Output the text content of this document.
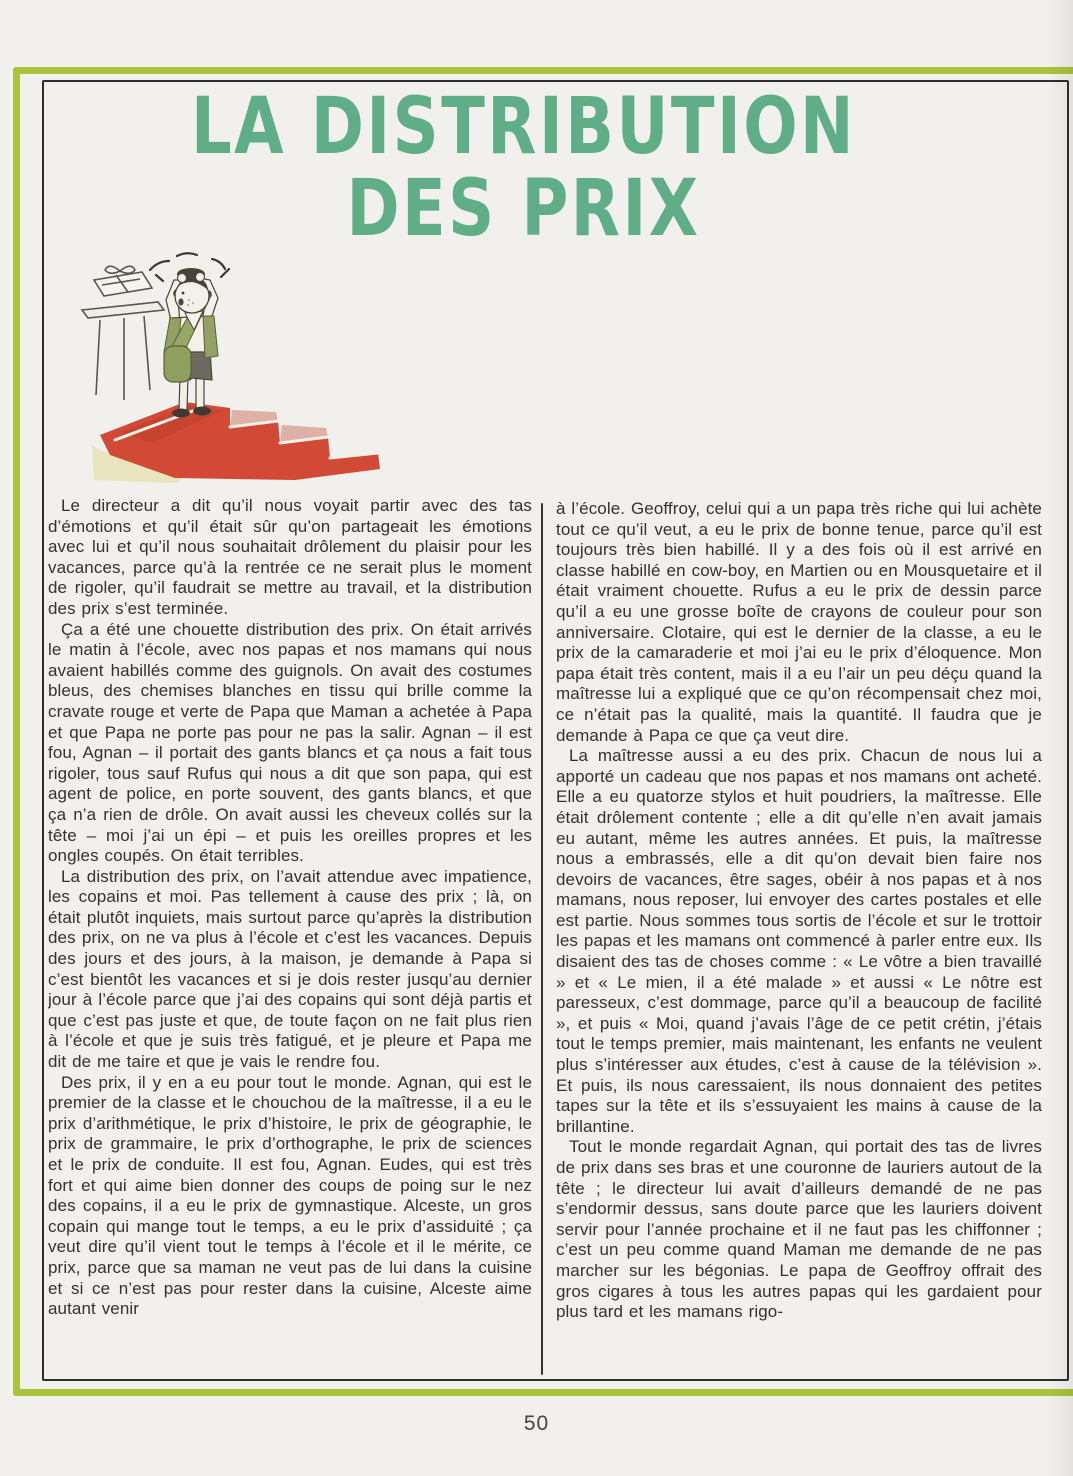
LA DISTRIBUTION
DES PRIX

Le directeur a dit qu’il nous voyait partir avec des tas d’émotions et qu’il était sûr qu’on partageait les émotions avec lui et qu’il nous souhaitait drôlement du plaisir pour les vacances, parce qu’à la rentrée ce ne serait plus le moment de rigoler, qu’il faudrait se mettre au travail, et la distribution des prix s’est terminée.

Ça a été une chouette distribution des prix. On était arrivés le matin à l’école, avec nos papas et nos mamans qui nous avaient habillés comme des guignols. On avait des costumes bleus, des chemises blanches en tissu qui brille comme la cravate rouge et verte de Papa que Maman a achetée à Papa et que Papa ne porte pas pour ne pas la salir. Agnan – il est fou, Agnan – il portait des gants blancs et ça nous a fait tous rigoler, tous sauf Rufus qui nous a dit que son papa, qui est agent de police, en porte souvent, des gants blancs, et que ça n’a rien de drôle. On avait aussi les cheveux collés sur la tête – moi j’ai un épi – et puis les oreilles propres et les ongles coupés. On était terribles.

La distribution des prix, on l’avait attendue avec impatience, les copains et moi. Pas tellement à cause des prix ; là, on était plutôt inquiets, mais surtout parce qu’après la distribution des prix, on ne va plus à l’école et c’est les vacances. Depuis des jours et des jours, à la maison, je demande à Papa si c’est bientôt les vacances et si je dois rester jusqu’au dernier jour à l’école parce que j’ai des copains qui sont déjà partis et que c’est pas juste et que, de toute façon on ne fait plus rien à l’école et que je suis très fatigué, et je pleure et Papa me dit de me taire et que je vais le rendre fou.

Des prix, il y en a eu pour tout le monde. Agnan, qui est le premier de la classe et le chouchou de la maîtresse, il a eu le prix d’arithmétique, le prix d’histoire, le prix de géographie, le prix de grammaire, le prix d’orthographe, le prix de sciences et le prix de conduite. Il est fou, Agnan. Eudes, qui est très fort et qui aime bien donner des coups de poing sur le nez des copains, il a eu le prix de gymnastique. Alceste, un gros copain qui mange tout le temps, a eu le prix d’assiduité ; ça veut dire qu’il vient tout le temps à l’école et il le mérite, ce prix, parce que sa maman ne veut pas de lui dans la cuisine et si ce n’est pas pour rester dans la cuisine, Alceste aime autant venir

à l’école. Geoffroy, celui qui a un papa très riche qui lui achète tout ce qu’il veut, a eu le prix de bonne tenue, parce qu’il est toujours très bien habillé. Il y a des fois où il est arrivé en classe habillé en cow-boy, en Martien ou en Mousquetaire et il était vraiment chouette. Rufus a eu le prix de dessin parce qu’il a eu une grosse boîte de crayons de couleur pour son anniversaire. Clotaire, qui est le dernier de la classe, a eu le prix de la camaraderie et moi j’ai eu le prix d’éloquence. Mon papa était très content, mais il a eu l’air un peu déçu quand la maîtresse lui a expliqué que ce qu’on récompensait chez moi, ce n’était pas la qualité, mais la quantité. Il faudra que je demande à Papa ce que ça veut dire.

La maîtresse aussi a eu des prix. Chacun de nous lui a apporté un cadeau que nos papas et nos mamans ont acheté. Elle a eu quatorze stylos et huit poudriers, la maîtresse. Elle était drôlement contente ; elle a dit qu’elle n’en avait jamais eu autant, même les autres années. Et puis, la maîtresse nous a embrassés, elle a dit qu’on devait bien faire nos devoirs de vacances, être sages, obéir à nos papas et à nos mamans, nous reposer, lui envoyer des cartes postales et elle est partie. Nous sommes tous sortis de l’école et sur le trottoir les papas et les mamans ont commencé à parler entre eux. Ils disaient des tas de choses comme : « Le vôtre a bien travaillé » et « Le mien, il a été malade » et aussi « Le nôtre est paresseux, c’est dommage, parce qu’il a beaucoup de facilité », et puis « Moi, quand j’avais l’âge de ce petit crétin, j’étais tout le temps premier, mais maintenant, les enfants ne veulent plus s’intéresser aux études, c’est à cause de la télévision ». Et puis, ils nous caressaient, ils nous donnaient des petites tapes sur la tête et ils s’essuyaient les mains à cause de la brillantine.

Tout le monde regardait Agnan, qui portait des tas de livres de prix dans ses bras et une couronne de lauriers autout de la tête ; le directeur lui avait d’ailleurs demandé de ne pas s’endormir dessus, sans doute parce que les lauriers doivent servir pour l’année prochaine et il ne faut pas les chiffonner ; c’est un peu comme quand Maman me demande de ne pas marcher sur les bégonias. Le papa de Geoffroy offrait des gros cigares à tous les autres papas qui les gardaient pour plus tard et les mamans rigo-

50
